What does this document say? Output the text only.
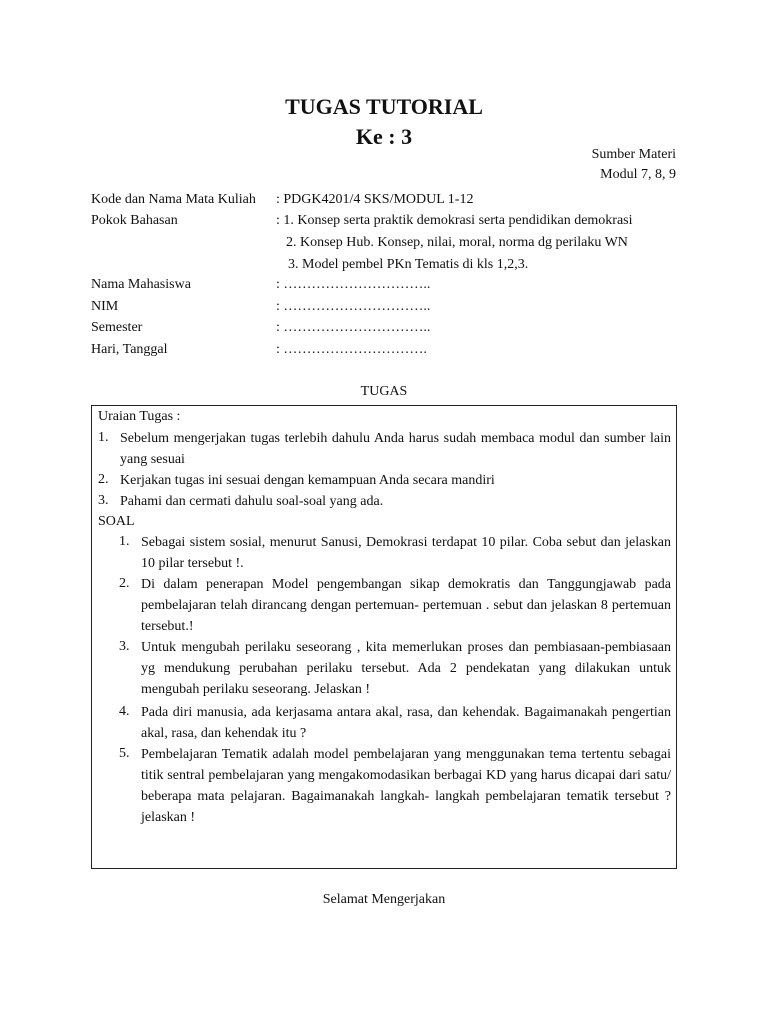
TUGAS TUTORIAL
Ke : 3
Sumber Materi
Modul 7, 8, 9
Kode dan Nama Mata Kuliah : PDGK4201/4 SKS/MODUL 1-12
Pokok Bahasan	: 1. Konsep serta praktik demokrasi serta pendidikan demokrasi
2. Konsep Hub. Konsep, nilai, moral, norma dg perilaku WN
3. Model pembel PKn Tematis di kls 1,2,3.
Nama Mahasiswa	: …………………………..
NIM	: …………………………..
Semester	: …………………………..
Hari, Tanggal	: ………………………….
TUGAS
Uraian Tugas :
1. Sebelum mengerjakan tugas terlebih dahulu Anda harus sudah membaca modul dan sumber lain yang sesuai
2. Kerjakan tugas ini sesuai dengan kemampuan Anda secara mandiri
3. Pahami dan cermati dahulu soal-soal yang ada.
SOAL
1. Sebagai sistem sosial, menurut Sanusi, Demokrasi terdapat 10 pilar. Coba sebut dan jelaskan 10 pilar tersebut !.
2. Di dalam penerapan Model pengembangan sikap demokratis dan Tanggungjawab pada pembelajaran telah dirancang dengan pertemuan- pertemuan . sebut dan jelaskan 8 pertemuan tersebut.!
3. Untuk mengubah perilaku seseorang , kita memerlukan proses dan pembiasaan-pembiasaan yg mendukung perubahan perilaku tersebut. Ada 2 pendekatan yang dilakukan untuk mengubah perilaku seseorang. Jelaskan !
4. Pada diri manusia, ada kerjasama antara akal, rasa, dan kehendak. Bagaimanakah pengertian akal, rasa, dan kehendak itu ?
5. Pembelajaran Tematik adalah model pembelajaran yang menggunakan tema tertentu sebagai titik sentral pembelajaran yang mengakomodasikan berbagai KD yang harus dicapai dari satu/ beberapa mata pelajaran. Bagaimanakah langkah- langkah pembelajaran tematik tersebut ? jelaskan !
Selamat Mengerjakan
